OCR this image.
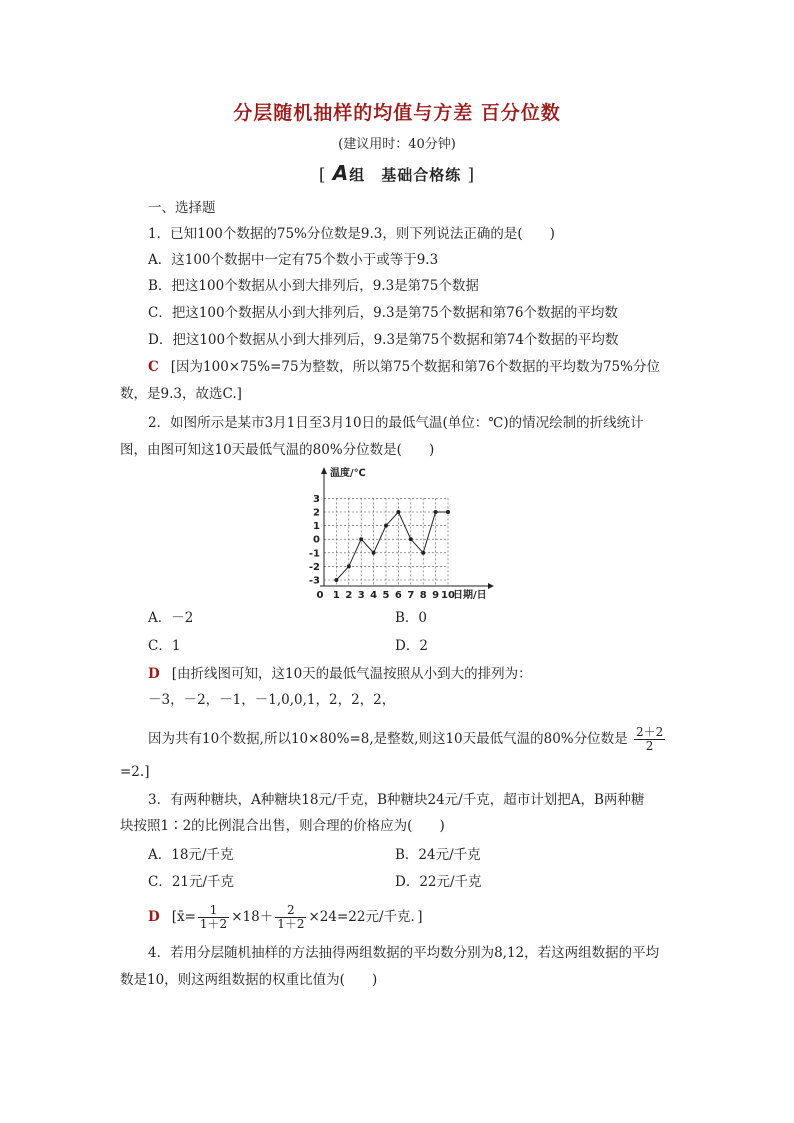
分层随机抽样的均值与方差 百分位数
(建议用时：40分钟)
[ A组　基础合格练 ]
一、选择题
1．已知100个数据的75%分位数是9.3，则下列说法正确的是(　　)
A．这100个数据中一定有75个数小于或等于9.3
B．把这100个数据从小到大排列后，9.3是第75个数据
C．把这100个数据从小到大排列后，9.3是第75个数据和第76个数据的平均数
D．把这100个数据从小到大排列后，9.3是第75个数据和第74个数据的平均数
C [因为100×75%=75为整数，所以第75个数据和第76个数据的平均数为75%分位
数，是9.3，故选C.]
2．如图所示是某市3月1日至3月10日的最低气温(单位：℃)的情况绘制的折线统计
图，由图可知这10天最低气温的80%分位数是(　　)
3
2
1
0
-1
-2
-3
0 1 2 3 4 5 6 7 8 9 10
温度/℃
日期/日
A．－2	B．0
C．1	D．2
D [由折线图可知，这10天的最低气温按照从小到大的排列为：
－3，－2，－1，－1,0,0,1，2，2，2，
因为共有10个数据,所以10×80%=8,是整数,则这10天最低气温的80%分位数是 $\frac{2+2}{2}$
=2.]
3．有两种糖块，A种糖块18元/千克，B种糖块24元/千克，超市计划把A，B两种糖
块按照1∶2的比例混合出售，则合理的价格应为(　　)
A．18元/千克	B．24元/千克
C．21元/千克	D．22元/千克
D [x̄= $\frac{1}{1+2} \times 18+ \frac{2}{1+2} \times 24=22$元/千克．]
4．若用分层随机抽样的方法抽得两组数据的平均数分别为8,12，若这两组数据的平均
数是10，则这两组数据的权重比值为(　　)
